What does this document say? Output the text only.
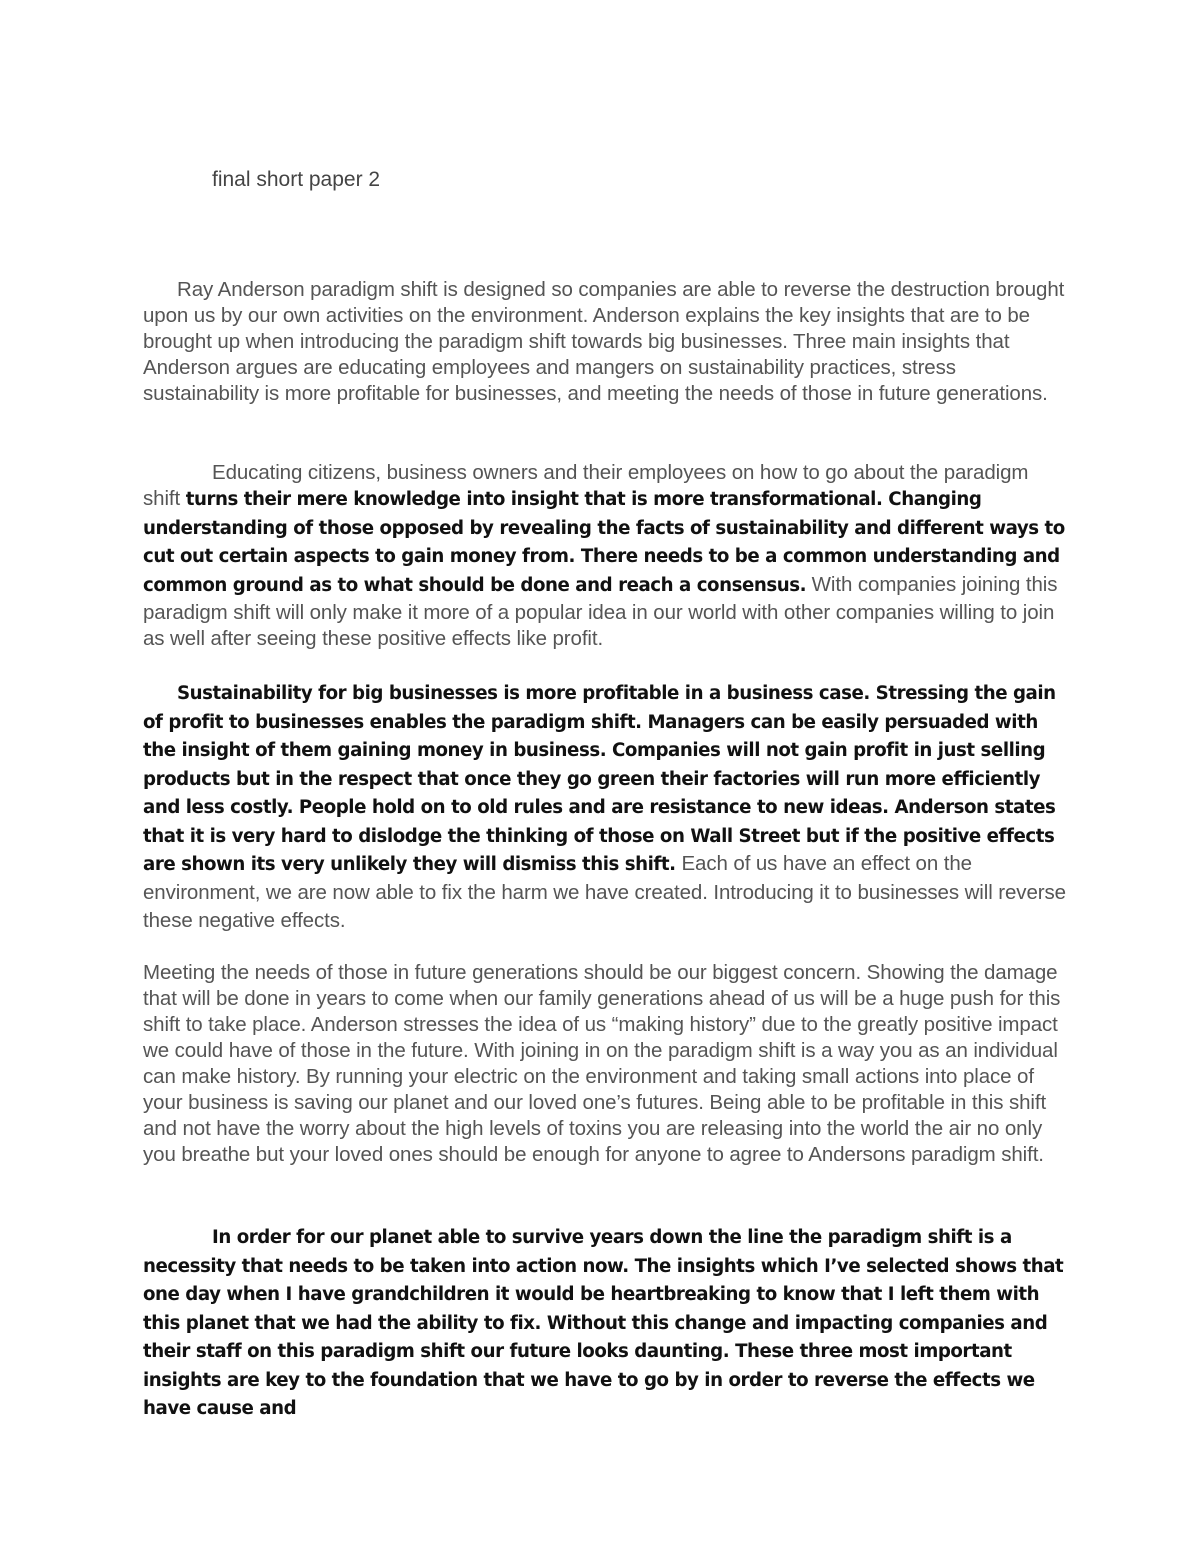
final short paper 2

Ray Anderson paradigm shift is designed so companies are able to reverse the destruction brought upon us by our own activities on the environment. Anderson explains the key insights that are to be brought up when introducing the paradigm shift towards big businesses. Three main insights that Anderson argues are educating employees and mangers on sustainability practices, stress sustainability is more profitable for businesses, and meeting the needs of those in future generations.

Educating citizens, business owners and their employees on how to go about the paradigm shift turns their mere knowledge into insight that is more transformational. Changing understanding of those opposed by revealing the facts of sustainability and different ways to cut out certain aspects to gain money from. There needs to be a common understanding and common ground as to what should be done and reach a consensus. With companies joining this paradigm shift will only make it more of a popular idea in our world with other companies willing to join as well after seeing these positive effects like profit.

Sustainability for big businesses is more profitable in a business case. Stressing the gain of profit to businesses enables the paradigm shift. Managers can be easily persuaded with the insight of them gaining money in business. Companies will not gain profit in just selling products but in the respect that once they go green their factories will run more efficiently and less costly. People hold on to old rules and are resistance to new ideas. Anderson states that it is very hard to dislodge the thinking of those on Wall Street but if the positive effects are shown its very unlikely they will dismiss this shift. Each of us have an effect on the environment, we are now able to fix the harm we have created. Introducing it to businesses will reverse these negative effects.

Meeting the needs of those in future generations should be our biggest concern. Showing the damage that will be done in years to come when our family generations ahead of us will be a huge push for this shift to take place. Anderson stresses the idea of us “making history” due to the greatly positive impact we could have of those in the future. With joining in on the paradigm shift is a way you as an individual can make history. By running your electric on the environment and taking small actions into place of your business is saving our planet and our loved one’s futures. Being able to be profitable in this shift and not have the worry about the high levels of toxins you are releasing into the world the air no only you breathe but your loved ones should be enough for anyone to agree to Andersons paradigm shift.

In order for our planet able to survive years down the line the paradigm shift is a necessity that needs to be taken into action now. The insights which I’ve selected shows that one day when I have grandchildren it would be heartbreaking to know that I left them with this planet that we had the ability to fix. Without this change and impacting companies and their staff on this paradigm shift our future looks daunting. These three most important insights are key to the foundation that we have to go by in order to reverse the effects we have cause and
